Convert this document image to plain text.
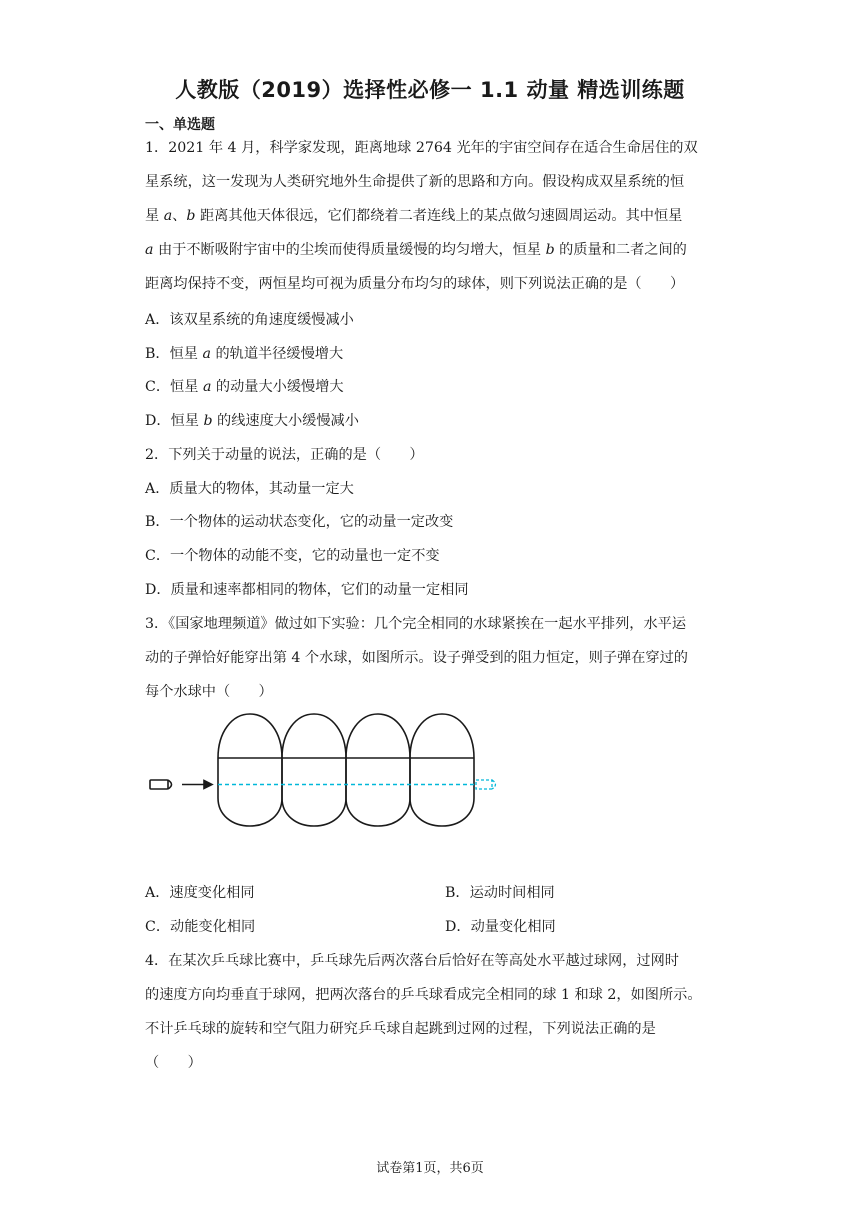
人教版（2019）选择性必修一 1.1 动量 精选训练题
一、单选题
1．2021 年 4 月，科学家发现，距离地球 2764 光年的宇宙空间存在适合生命居住的双
星系统，这一发现为人类研究地外生命提供了新的思路和方向。假设构成双星系统的恒
星 a、b 距离其他天体很远，它们都绕着二者连线上的某点做匀速圆周运动。其中恒星
a 由于不断吸附宇宙中的尘埃而使得质量缓慢的均匀增大，恒星 b 的质量和二者之间的
距离均保持不变，两恒星均可视为质量分布均匀的球体，则下列说法正确的是（　　）
A．该双星系统的角速度缓慢减小
B．恒星 a 的轨道半径缓慢增大
C．恒星 a 的动量大小缓慢增大
D．恒星 b 的线速度大小缓慢减小
2．下列关于动量的说法，正确的是（　　）
A．质量大的物体，其动量一定大
B．一个物体的运动状态变化，它的动量一定改变
C．一个物体的动能不变，它的动量也一定不变
D．质量和速率都相同的物体，它们的动量一定相同
3．《国家地理频道》做过如下实验：几个完全相同的水球紧挨在一起水平排列，水平运
动的子弹恰好能穿出第 4 个水球，如图所示。设子弹受到的阻力恒定，则子弹在穿过的
每个水球中（　　）
A．速度变化相同	B．运动时间相同
C．动能变化相同	D．动量变化相同
4．在某次乒乓球比赛中，乒乓球先后两次落台后恰好在等高处水平越过球网，过网时
的速度方向均垂直于球网，把两次落台的乒乓球看成完全相同的球 1 和球 2，如图所示。
不计乒乓球的旋转和空气阻力研究乒乓球自起跳到过网的过程，下列说法正确的是
（　　）
试卷第1页，共6页
